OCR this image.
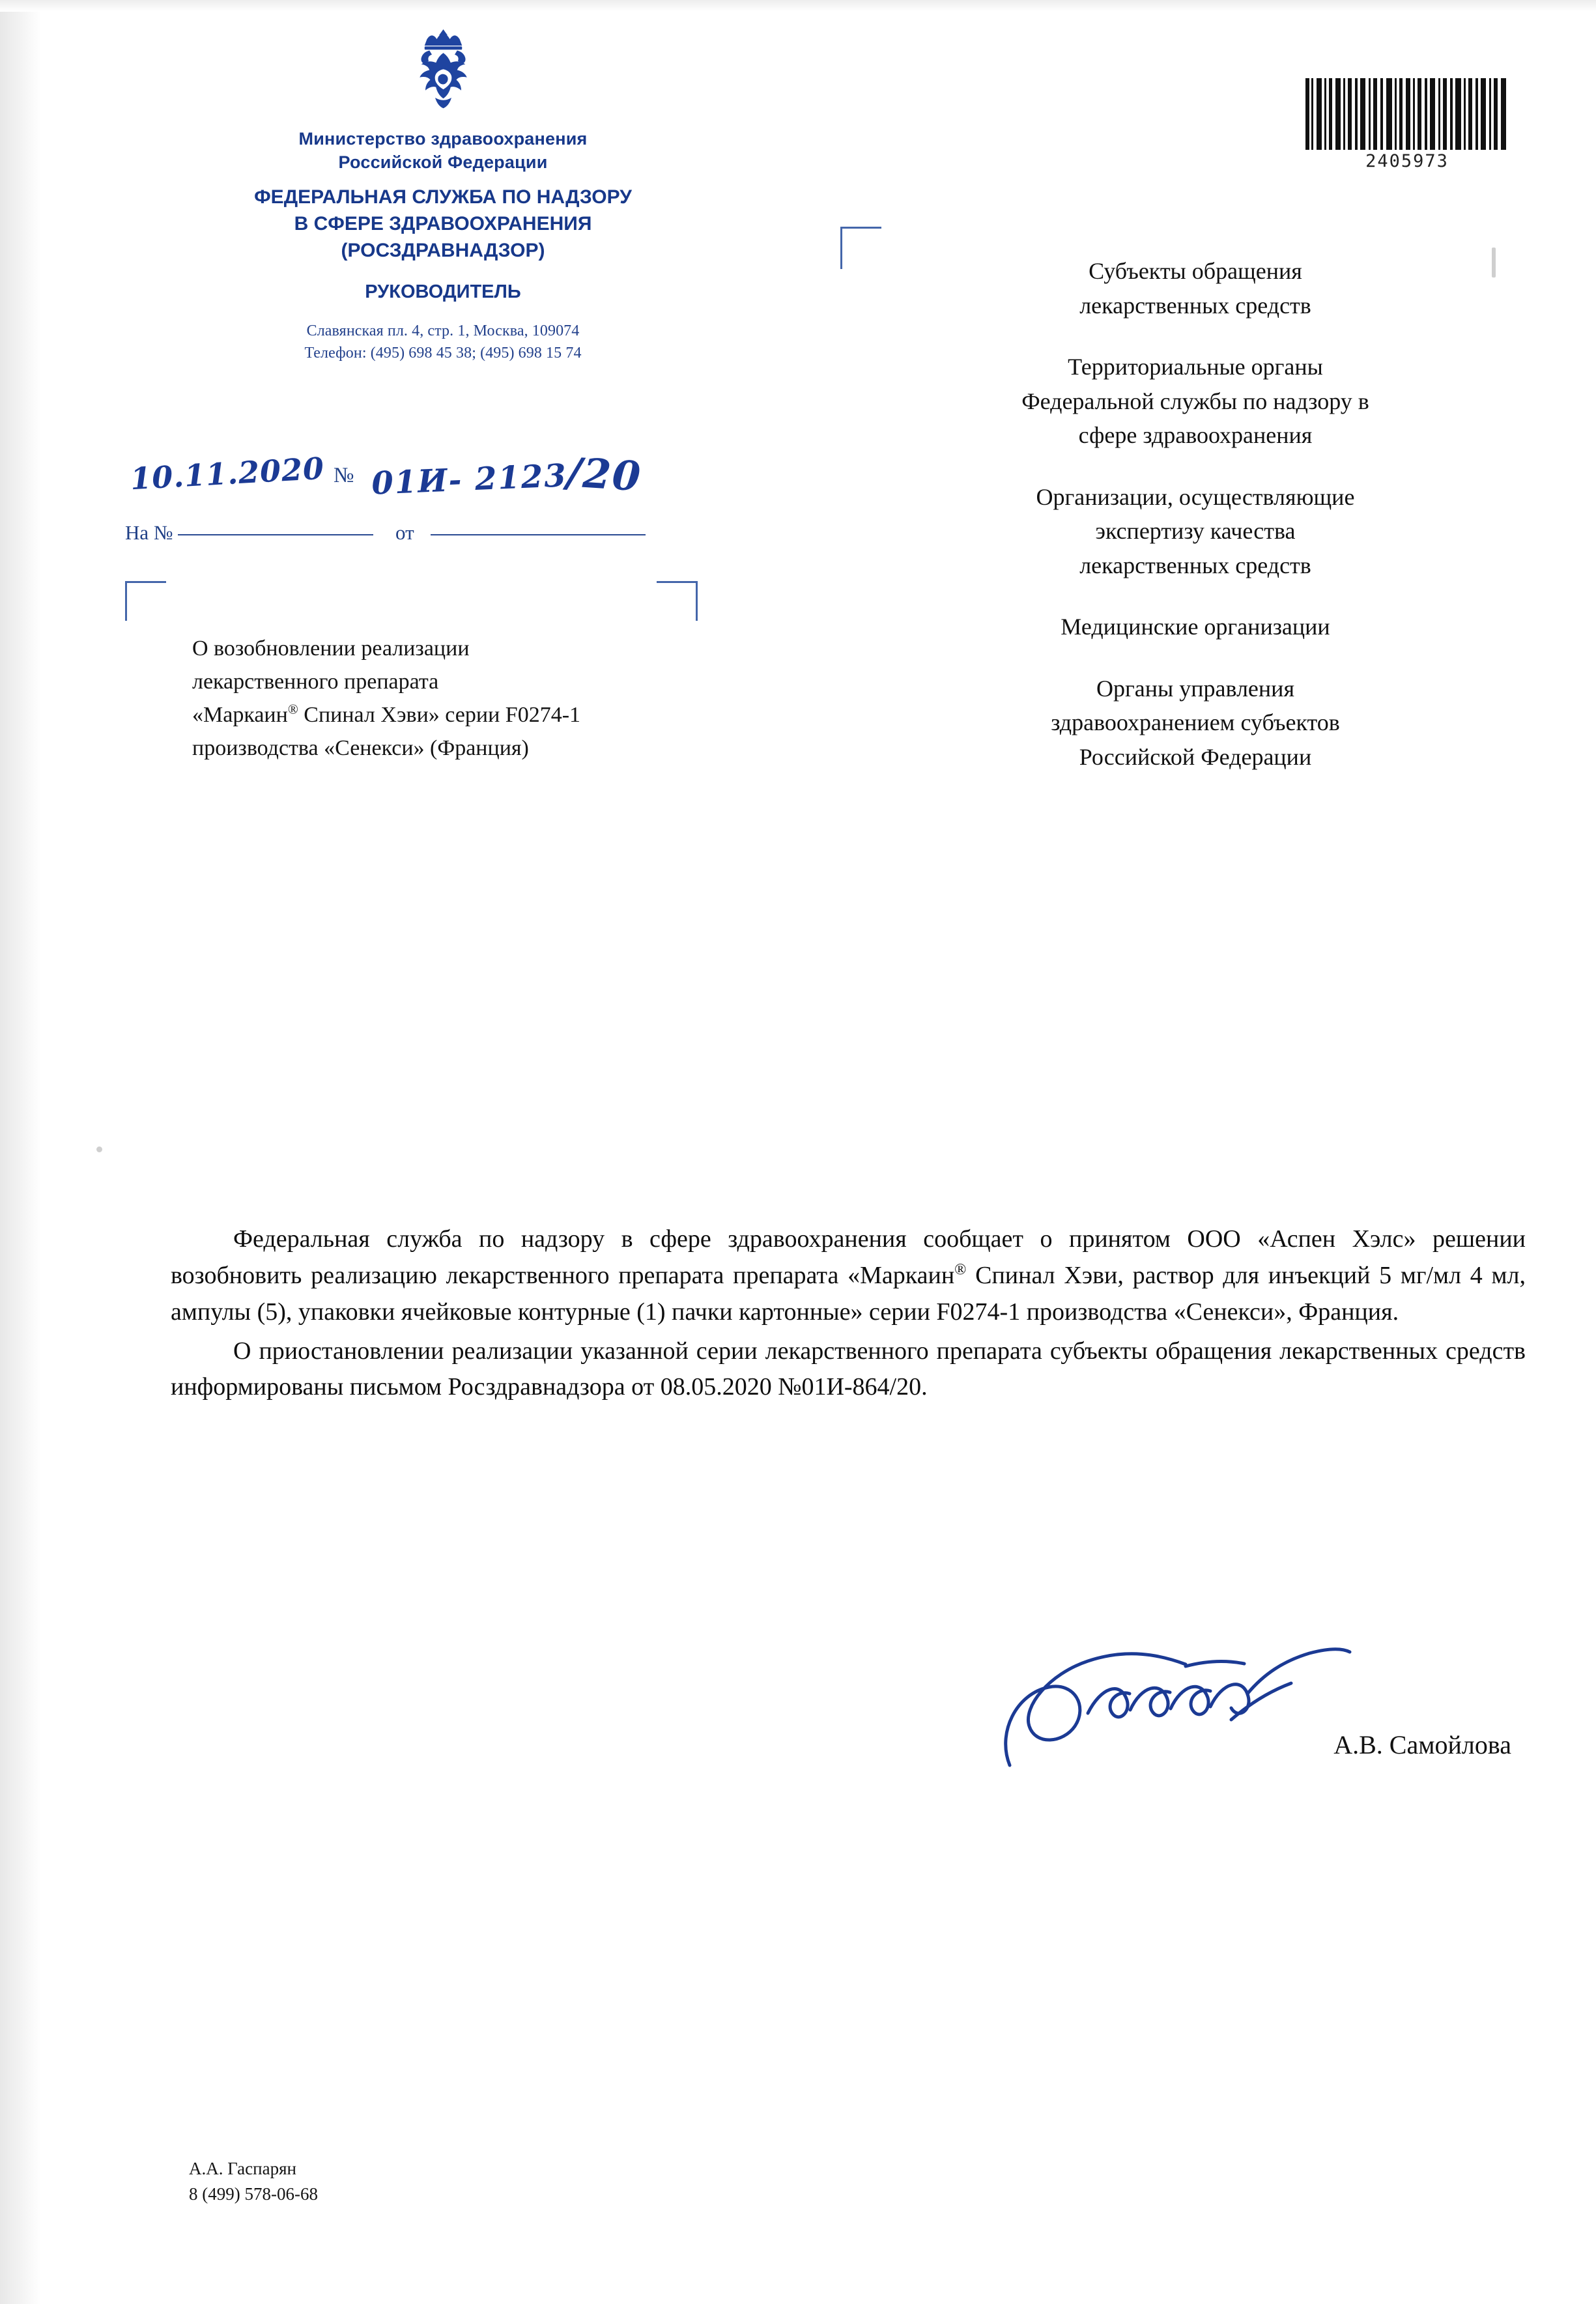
Министерство здравоохранения
Российской Федерации
ФЕДЕРАЛЬНАЯ СЛУЖБА ПО НАДЗОРУ
В СФЕРЕ ЗДРАВООХРАНЕНИЯ
(РОСЗДРАВНАДЗОР)
РУКОВОДИТЕЛЬ
Славянская пл. 4, стр. 1, Москва, 109074
Телефон: (495) 698 45 38; (495) 698 15 74
10.11.2020 № 01И- 2123/20
На №	от
О возобновлении реализации
лекарственного препарата
«Маркаин® Спинал Хэви» серии F0274-1
производства «Сенекси» (Франция)
2405973

Субъекты обращения
лекарственных средств

Территориальные органы
Федеральной службы по надзору в
сфере здравоохранения

Организации, осуществляющие
экспертизу качества
лекарственных средств

Медицинские организации

Органы управления
здравоохранением субъектов
Российской Федерации

Федеральная служба по надзору в сфере здравоохранения сообщает о принятом ООО «Аспен Хэлс» решении возобновить реализацию лекарственного препарата препарата «Маркаин® Спинал Хэви, раствор для инъекций 5 мг/мл 4 мл, ампулы (5), упаковки ячейковые контурные (1) пачки картонные» серии F0274-1 производства «Сенекси», Франция.

О приостановлении реализации указанной серии лекарственного препарата субъекты обращения лекарственных средств информированы письмом Росздравнадзора от 08.05.2020 №01И-864/20.

А.В. Самойлова
А.А. Гаспарян
8 (499) 578-06-68
